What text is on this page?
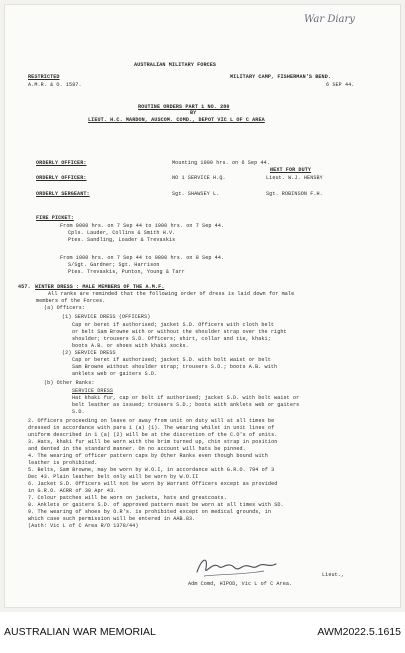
War Diary
AUSTRALIAN MILITARY FORCES
RESTRICTED
A.M.R. & O. 1587.
MILITARY CAMP, FISHERMAN'S BEND.
6 SEP 44.
ROUTINE ORDERS PART 1 NO. 280
BY
LIEUT. H.C. MARDON, AUSCOM. COMD., DEPOT VIC L OF C AREA
ORDERLY OFFICER:	Mounting 1000 hrs. on 6 Sep 44.
NEXT FOR DUTY
ORDERLY OFFICER:	NO 1 SERVICE H.Q.	Lieut. W.J. HENSBY
ORDERLY SERGEANT:	Sgt. SHAWSEY L.	Sgt. ROBINSON F.H.
FIRE PICKET:
From 0000 hrs. on 7 Sep 44 to 1000 hrs. on 7 Sep 44.
Cpls. Lauder, Collins & Smith H.V.
Ptes. Sandling, Loader & Trevaskis
From 1000 hrs. on 7 Sep 44 to 0800 hrs. on 8 Sep 44.
S/Sgt. Gardner; Sgt. Harrison
Ptes. Trevaskis, Punton, Young & Tarr
457. WINTER DRESS : MALE MEMBERS OF THE A.M.F.
All ranks are reminded that the following order of dress is laid down for male
members of the Forces.
(a) Officers:
(1) SERVICE DRESS (OFFICERS)
Cap or beret if authorised; jacket S.D. Officers with cloth belt
or belt Sam Browne with or without the shoulder strap over the right
shoulder; trousers S.D. Officers; shirt, collar and tie, khaki;
boots A.B. or shoes with khaki socks.
(2) SERVICE DRESS
Cap or beret if authorised; jacket S.D. with bolt waist or belt
Sam Browne without shoulder strap; trousers S.D.; boots A.B. with
anklets web or gaiters S.D.
(b) Other Ranks:
SERVICE DRESS
Hat khaki fur, cap or bolt if authorised; jacket S.D. with bolt waist or
belt leather as issued; trousers S.D.; boots with anklets web or gaiters
S.D.
2. Officers proceeding on leave or away from unit on duty will at all times be
dressed in accordance with para 1 (a) (1). The wearing whilst in unit lines of
uniform described in 1 (a) (2) will be at the discretion of the C.O's of units.
3. Hats, khaki fur will be worn with the brim turned up, chin strap in position
and dented in the standard manner. On no account will hats be pinned.
4. The wearing of officer pattern caps by Other Ranks even though bound with
leather is prohibited.
5. Belts, Sam Browne, may be worn by W.O.I, in accordance with G.R.O. 794 of 3
Dec 43. Plain leather belt only will be worn by W.O.II
6. Jacket S.D. Officers will not be worn by Warrant Officers except as provided
in G.R.O. ACRR of 30 Apr 43.
7. Colour patches will be worn on jackets, hats and greatcoats.
8. Anklets or gaiters S.D. of approved pattern must be worn at all times with SD.
9. The wearing of shoes by O.R's. is prohibited except on medical grounds, in
which case such permission will be entered in AAB.83.
(Auth: Vic L of C Area R/O 1378/44)
Lieut.,
Adm Comd, HIPOD, Vic L of C Area.
AUSTRALIAN WAR MEMORIAL	AWM2022.5.1615
